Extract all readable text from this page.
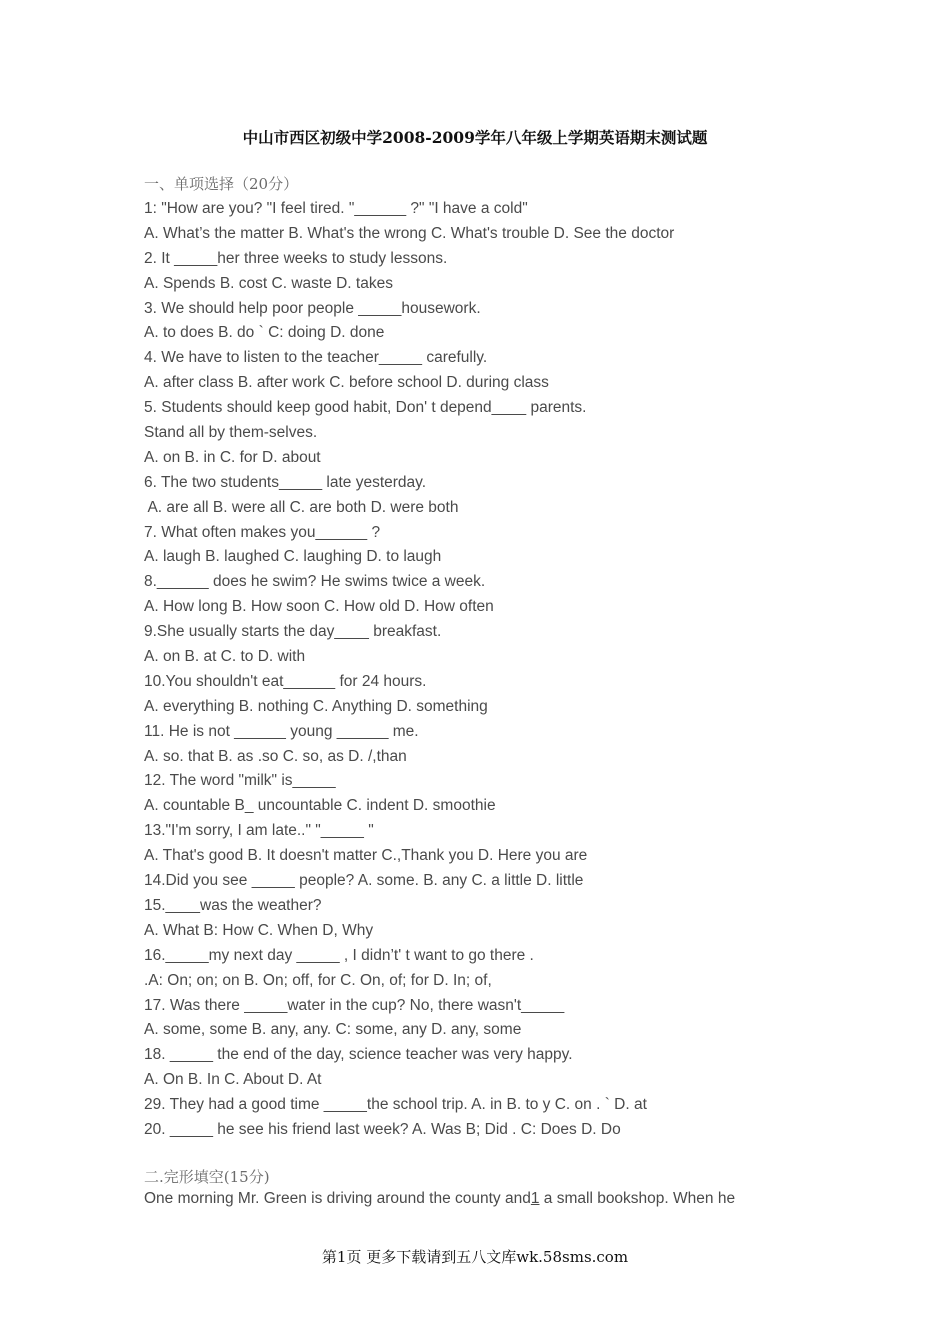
中山市西区初级中学2008-2009学年八年级上学期英语期末测试题
一、单项选择（20分）
1: "How are you? "I feel tired. "______ ?" "I have a cold"
A. What’s the matter B. What's the wrong C. What's trouble D. See the doctor
2. It _____her three weeks to study lessons.
A. Spends B. cost C. waste D. takes
3. We should help poor people _____housework.
A. to does B. do ` C: doing D. done
4. We have to listen to the teacher_____ carefully.
A. after class B. after work C. before school D. during class
5. Students should keep good habit, Don' t depend____ parents.
Stand all by them-selves.
A. on B. in C. for D. about
6. The two students_____ late yesterday.
A. are all B. were all C. are both D. were both
7. What often makes you______ ?
A. laugh B. laughed C. laughing D. to laugh
8.______ does he swim? He swims twice a week.
A. How long B. How soon C. How old D. How often
9.She usually starts the day____ breakfast.
A. on B. at C. to D. with
10.You shouldn't eat______ for 24 hours.
A. everything B. nothing C. Anything D. something
11. He is not ______ young ______ me.
A. so. that B. as .so C. so, as D. /,than
12. The word "milk" is_____
A. countable B_ uncountable C. indent D. smoothie
13."I'm sorry, I am late.." "_____ "
A. That's good B. It doesn't matter C.,Thank you D. Here you are
14.Did you see _____ people? A. some. B. any C. a little D. little
15.____was the weather?
A. What B: How C. When D, Why
16._____my next day _____ , I didn’t' t want to go there .
.A: On; on; on B. On; off, for C. On, of; for D. In; of,
17. Was there _____water in the cup? No, there wasn't_____
A. some, some B. any, any. C: some, any D. any, some
18. _____ the end of the day, science teacher was very happy.
A. On B. In C. About D. At
29. They had a good time _____the school trip. A. in B. to y C. on . ` D. at
20. _____ he see his friend last week? A. Was B; Did . C: Does D. Do
二.完形填空(15分)
One morning Mr. Green is driving around the county and1 a small bookshop. When he
第1页 更多下载请到五八文库wk.58sms.com
